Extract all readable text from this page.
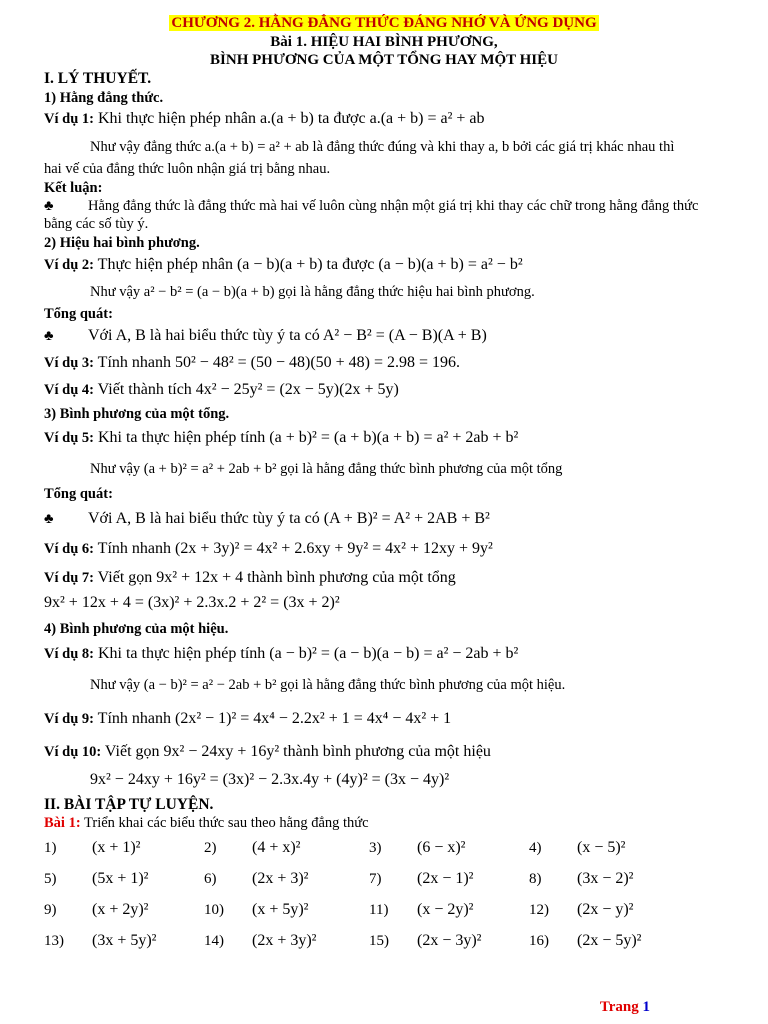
CHƯƠNG 2. HẰNG ĐẲNG THỨC ĐÁNG NHỚ VÀ ỨNG DỤNG
Bài 1. HIỆU HAI BÌNH PHƯƠNG,
BÌNH PHƯƠNG CỦA MỘT TỔNG HAY MỘT HIỆU
I. LÝ THUYẾT.
1) Hằng đẳng thức.
Ví dụ 1: Khi thực hiện phép nhân a.(a + b) ta được a.(a + b) = a² + ab
Như vậy đẳng thức a.(a + b) = a² + ab là đẳng thức đúng và khi thay a, b bởi các giá trị khác nhau thì
hai vế của đẳng thức luôn nhận giá trị bằng nhau.
Kết luận:
♣ Hằng đẳng thức là đẳng thức mà hai vế luôn cùng nhận một giá trị khi thay các chữ trong hằng đẳng thức
bằng các số tùy ý.
2) Hiệu hai bình phương.
Ví dụ 2: Thực hiện phép nhân (a − b)(a + b) ta được (a − b)(a + b) = a² − b²
Như vậy a² − b² = (a − b)(a + b) gọi là hằng đẳng thức hiệu hai bình phương.
Tổng quát:
♣ Với A, B là hai biểu thức tùy ý ta có A² − B² = (A − B)(A + B)
Ví dụ 3: Tính nhanh 50² − 48² = (50 − 48)(50 + 48) = 2.98 = 196.
Ví dụ 4: Viết thành tích 4x² − 25y² = (2x − 5y)(2x + 5y)
3) Bình phương của một tổng.
Ví dụ 5: Khi ta thực hiện phép tính (a + b)² = (a + b)(a + b) = a² + 2ab + b²
Như vậy (a + b)² = a² + 2ab + b² gọi là hằng đẳng thức bình phương của một tổng
Tổng quát:
♣ Với A, B là hai biểu thức tùy ý ta có (A + B)² = A² + 2AB + B²
Ví dụ 6: Tính nhanh (2x + 3y)² = 4x² + 2.6xy + 9y² = 4x² + 12xy + 9y²
Ví dụ 7: Viết gọn 9x² + 12x + 4 thành bình phương của một tổng
9x² + 12x + 4 = (3x)² + 2.3x.2 + 2² = (3x + 2)²
4) Bình phương của một hiệu.
Ví dụ 8: Khi ta thực hiện phép tính (a − b)² = (a − b)(a − b) = a² − 2ab + b²
Như vậy (a − b)² = a² − 2ab + b² gọi là hằng đẳng thức bình phương của một hiệu.
Ví dụ 9: Tính nhanh (2x² − 1)² = 4x⁴ − 2.2x² + 1 = 4x⁴ − 4x² + 1
Ví dụ 10: Viết gọn 9x² − 24xy + 16y² thành bình phương của một hiệu
9x² − 24xy + 16y² = (3x)² − 2.3x.4y + (4y)² = (3x − 4y)²
II. BÀI TẬP TỰ LUYỆN.
Bài 1: Triển khai các biểu thức sau theo hằng đẳng thức
1) (x + 1)²	2) (4 + x)²	3) (6 − x)²	4) (x − 5)²
5) (5x + 1)²	6) (2x + 3)²	7) (2x − 1)²	8) (3x − 2)²
9) (x + 2y)²	10) (x + 5y)²	11) (x − 2y)²	12) (2x − y)²
13) (3x + 5y)²	14) (2x + 3y)²	15) (2x − 3y)²	16) (2x − 5y)²
Trang 1
